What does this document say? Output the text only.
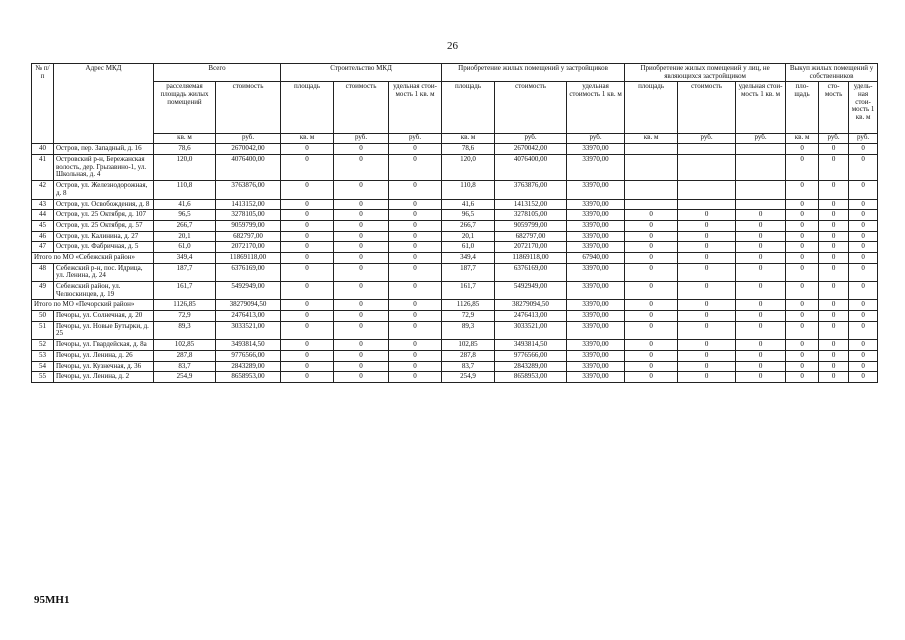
26
№ п/п	Адрес МКД	Всего		Строительство МКД			Приобретение жилых помещений у застройщиков			Приобретение жилых помещений у лиц, не являющихся застройщиком			Выкуп жилых помещений у собственников		
		расселяемая площадь жилых помещений	стоимость	площадь	стоимость	удельная стои- мость 1 кв. м	площадь	стоимость	удельная стоимость 1 кв. м	площадь	стоимость	удельная стои- мость 1 кв. м	пло- щадь	сто- мость	удель- ная стои- мость 1 кв. м
		кв. м	руб.	кв. м	руб.	руб.	кв. м	руб.	руб.	кв. м	руб.	руб.	кв. м	руб.	руб.
40	Остров, пер. Западный, д. 16	78,6	2670042,00	0	0	0	78,6	2670042,00	33970,00				0	0	0
41	Островский р-н, Бережанская волость, дер. Грызавино-1, ул. Школьная, д. 4	120,0	4076400,00	0	0	0	120,0	4076400,00	33970,00				0	0	0
42	Остров, ул. Железнодорожная, д. 8	110,8	3763876,00	0	0	0	110,8	3763876,00	33970,00				0	0	0
43	Остров, ул. Освобождения, д. 8	41,6	1413152,00	0	0	0	41,6	1413152,00	33970,00				0	0	0
44	Остров, ул. 25 Октября, д. 107	96,5	3278105,00	0	0	0	96,5	3278105,00	33970,00	0	0	0	0	0	0
45	Остров, ул. 25 Октября, д. 57	266,7	9059799,00	0	0	0	266,7	9059799,00	33970,00	0	0	0	0	0	0
46	Остров, ул. Калинина, д. 27	20,1	682797,00	0	0	0	20,1	682797,00	33970,00	0	0	0	0	0	0
47	Остров, ул. Фабричная, д. 5	61,0	2072170,00	0	0	0	61,0	2072170,00	33970,00	0	0	0	0	0	0
Итого по МО «Себежский район»		349,4	11869118,00	0	0	0	349,4	11869118,00	67940,00	0	0	0	0	0	0
48	Себежский р-н, пос. Идрица, ул. Ленина, д. 24	187,7	6376169,00	0	0	0	187,7	6376169,00	33970,00	0	0	0	0	0	0
49	Себежский район, ул. Челюскинцев, д. 19	161,7	5492949,00	0	0	0	161,7	5492949,00	33970,00	0	0	0	0	0	0
Итого по МО «Печорский район»		1126,85	38279094,50	0	0	0	1126,85	38279094,50	33970,00	0	0	0	0	0	0
50	Печоры, ул. Солнечная, д. 20	72,9	2476413,00	0	0	0	72,9	2476413,00	33970,00	0	0	0	0	0	0
51	Печоры, ул. Новые Бутырки, д. 25	89,3	3033521,00	0	0	0	89,3	3033521,00	33970,00	0	0	0	0	0	0
52	Печоры, ул. Гвардейская, д. 8а	102,85	3493814,50	0	0	0	102,85	3493814,50	33970,00	0	0	0	0	0	0
53	Печоры, ул. Ленина, д. 26	287,8	9776566,00	0	0	0	287,8	9776566,00	33970,00	0	0	0	0	0	0
54	Печоры, ул. Кузнечная, д. 36	83,7	2843289,00	0	0	0	83,7	2843289,00	33970,00	0	0	0	0	0	0
55	Печоры, ул. Ленина, д. 2	254,9	8658953,00	0	0	0	254,9	8658953,00	33970,00	0	0	0	0	0	0
95МН1
